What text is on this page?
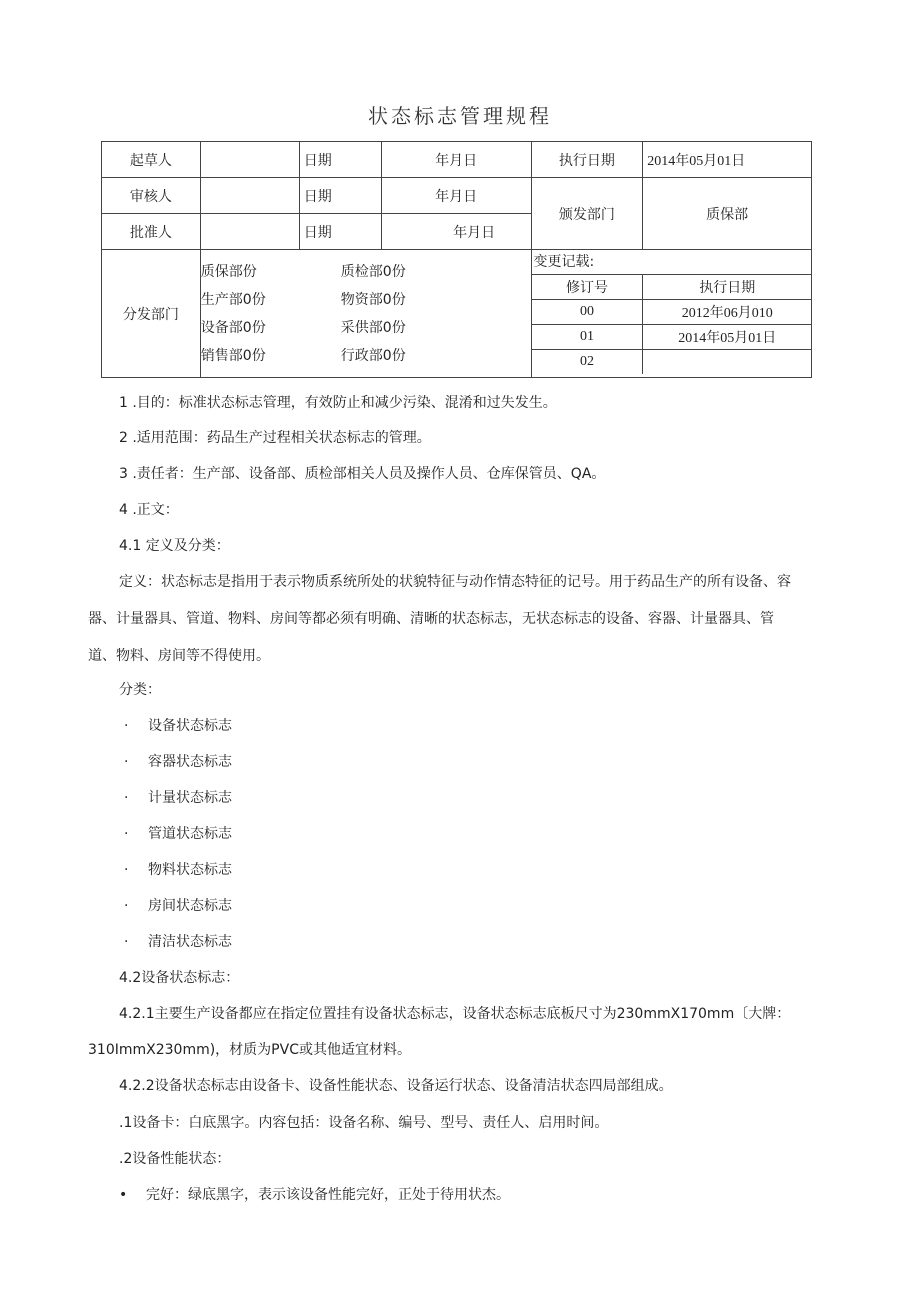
状态标志管理规程
起草人		日期	年月日	执行日期	2014年05月01日
审核人		日期	年月日	颁发部门	质保部
批准人		日期	年月日
分发部门	
质保部份	质检部0份
生产部0份	物资部0份
设备部0份	采供部0份
销售部0份	行政部0份

变更记载:
修订号	执行日期
00	2012年06月010
01	2014年05月01日
02	
1 .目的：标准状态标志管理，有效防止和减少污染、混淆和过失发生。
2 .适用范围：药品生产过程相关状态标志的管理。
3 .责任者：生产部、设备部、质检部相关人员及操作人员、仓库保管员、QA。
4 .正文：
4.1 定义及分类：
定义：状态标志是指用于表示物质系统所处的状貌特征与动作情态特征的记号。用于药品生产的所有设备、容
器、计量器具、管道、物料、房间等都必须有明确、清晰的状态标志，无状态标志的设备、容器、计量器具、管
道、物料、房间等不得使用。
分类：
· 设备状态标志
· 容器状态标志
· 计量状态标志
· 管道状态标志
· 物料状态标志
· 房间状态标志
· 清洁状态标志
4.2设备状态标志：
4.2.1主要生产设备都应在指定位置挂有设备状态标志，设备状态标志底板尺寸为230mmX170mm〔大牌：
310ImmX230mm)，材质为PVC或其他适宜材料。
4.2.2设备状态标志由设备卡、设备性能状态、设备运行状态、设备清洁状态四局部组成。
.1设备卡：白底黑字。内容包括：设备名称、编号、型号、责任人、启用时间。
.2设备性能状态：
• 完好：绿底黑字，表示该设备性能完好，正处于待用状杰。
